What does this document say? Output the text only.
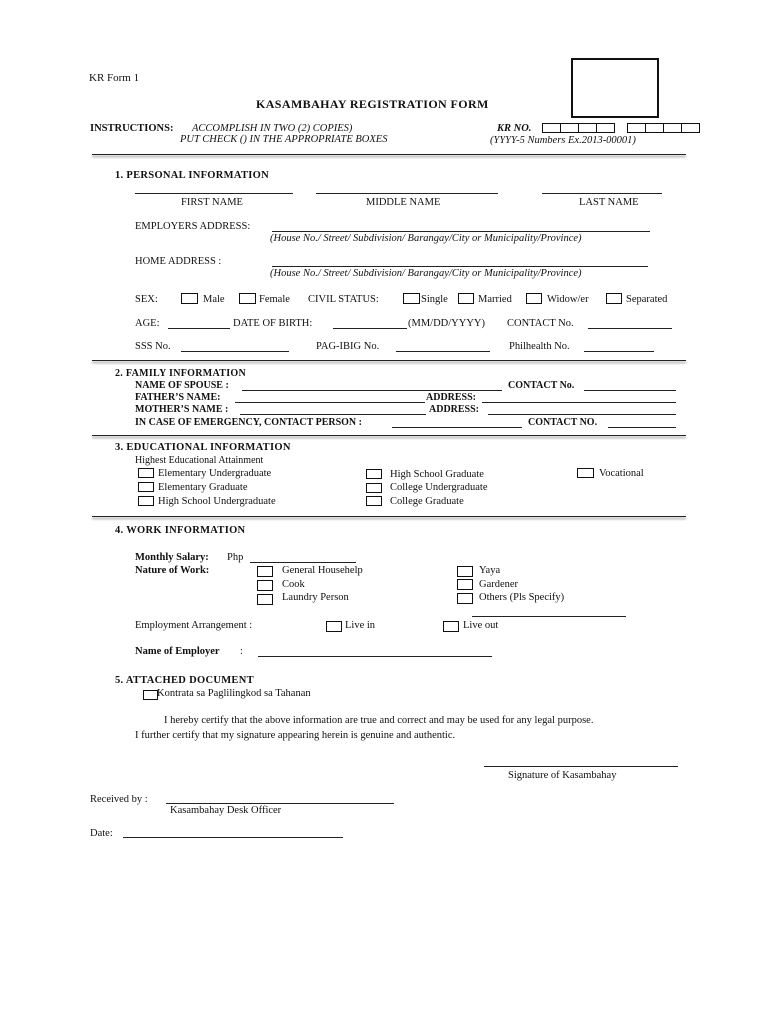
KR Form 1
KASAMBAHAY REGISTRATION FORM
INSTRUCTIONS: ACCOMPLISH IN TWO (2) COPIES)
PUT CHECK () IN THE APPROPRIATE BOXES
KR NO.
(YYYY-5 Numbers Ex.2013-00001)
1. PERSONAL INFORMATION
FIRST NAME	MIDDLE NAME	LAST NAME
EMPLOYERS ADDRESS:
(House No./ Street/ Subdivision/ Barangay/City or Municipality/Province)
HOME ADDRESS :
(House No./ Street/ Subdivision/ Barangay/City or Municipality/Province)
SEX:	Male	Female CIVIL STATUS:	Single	Married	Widow/er	Separated
AGE:	DATE OF BIRTH:	(MM/DD/YYYY) CONTACT No.
SSS No.	PAG-IBIG No.	Philhealth No.
2. FAMILY INFORMATION
NAME OF SPOUSE :	CONTACT No.
FATHER’S NAME:	ADDRESS:
MOTHER’S NAME :	ADDRESS:
IN CASE OF EMERGENCY, CONTACT PERSON :	CONTACT NO.
3. EDUCATIONAL INFORMATION
Highest Educational Attainment
Elementary Undergraduate
Elementary Graduate
High School Undergraduate
High School Graduate
College Undergraduate
College Graduate
Vocational
4. WORK INFORMATION
Monthly Salary: Php
Nature of Work:	General Househelp
Cook
Laundry Person
Yaya
Gardener
Others (Pls Specify)
Employment Arrangement :	Live in	Live out
Name of Employer :
5. ATTACHED DOCUMENT
Kontrata sa Paglilingkod sa Tahanan
I hereby certify that the above information are true and correct and may be used for any legal purpose.
I further certify that my signature appearing herein is genuine and authentic.
Signature of Kasambahay
Received by :
Kasambahay Desk Officer
Date:
